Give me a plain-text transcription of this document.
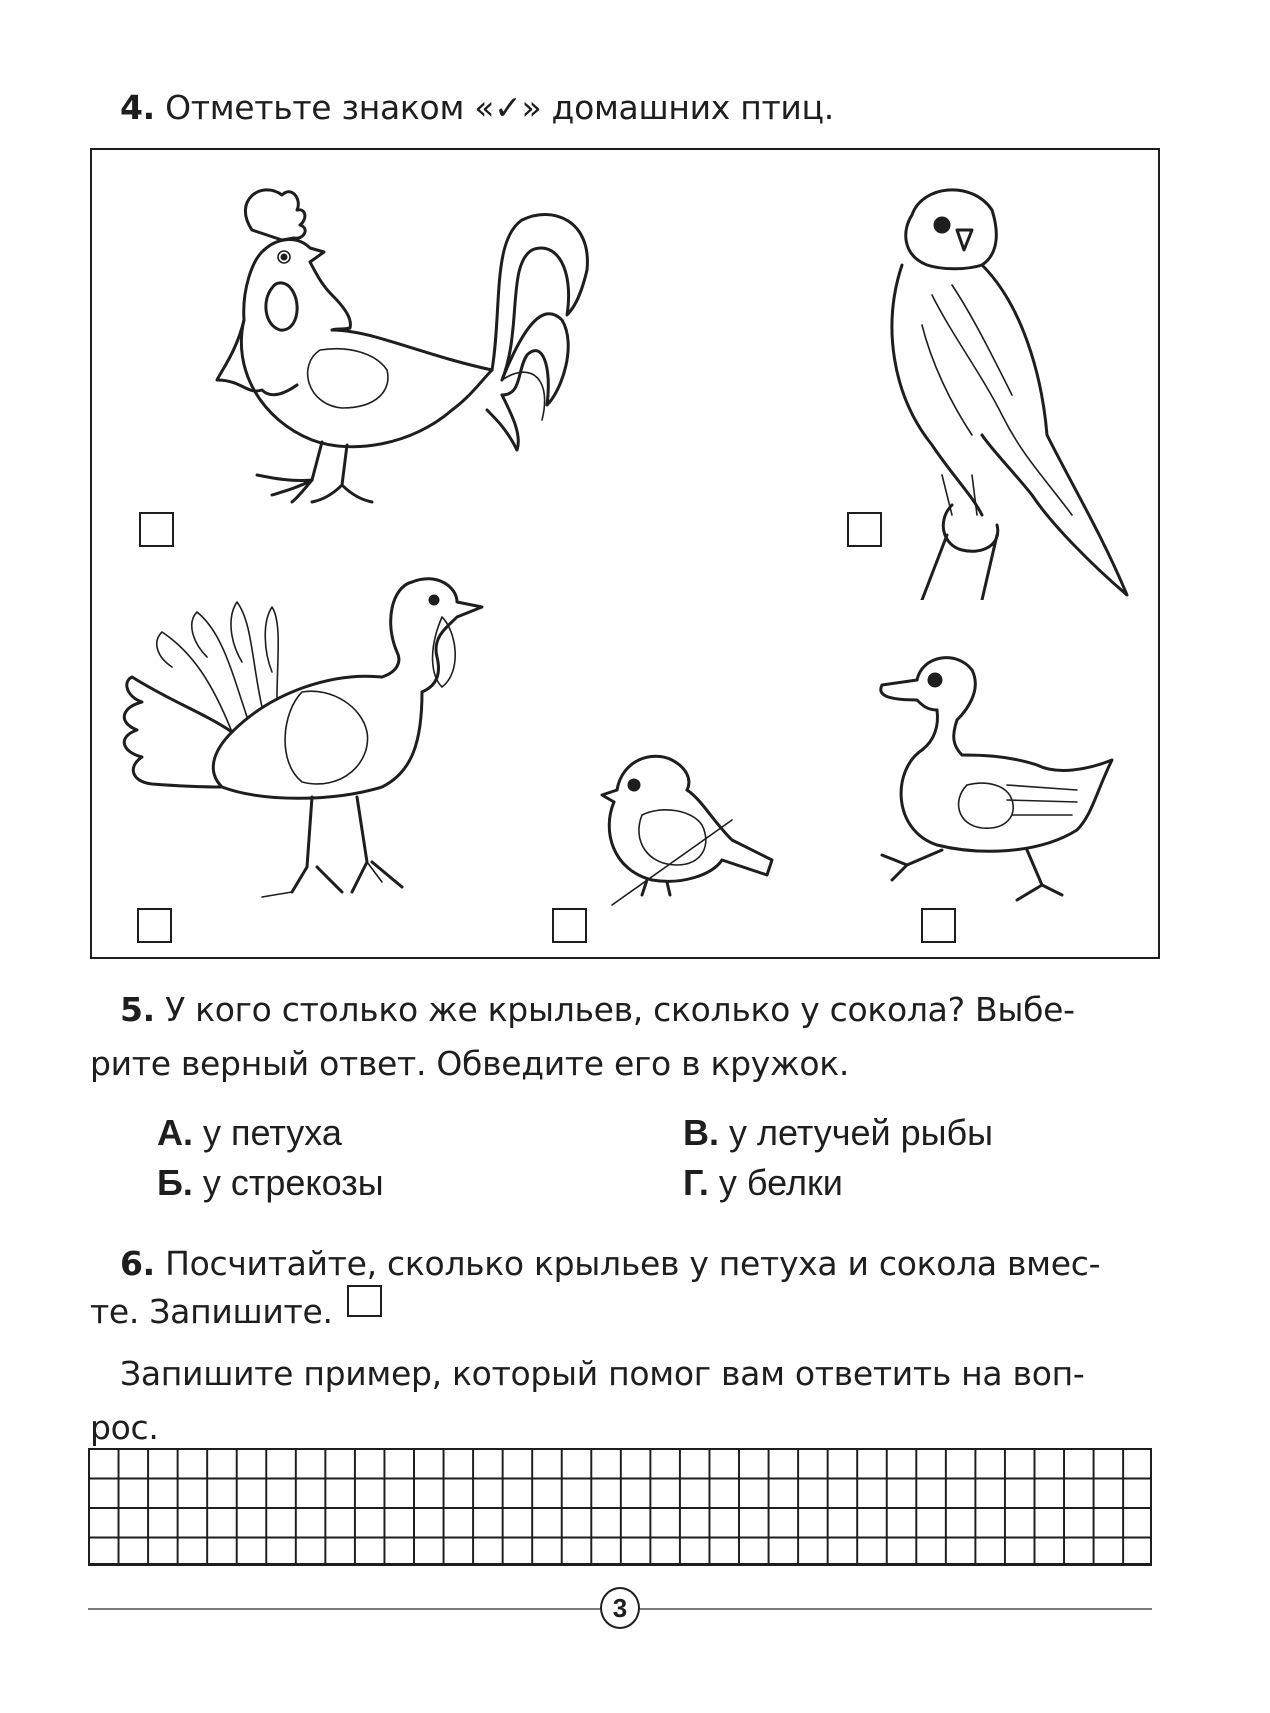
4. Отметьте знаком «✓» домашних птиц.
5. У кого столько же крыльев, сколько у сокола? Выбе-
рите верный ответ. Обведите его в кружок.
А. у петуха
Б. у стрекозы
В. у летучей рыбы
Г. у белки
6. Посчитайте, сколько крыльев у петуха и сокола вмес-
те. Запишите.
Запишите пример, который помог вам ответить на воп-
рос.
3
